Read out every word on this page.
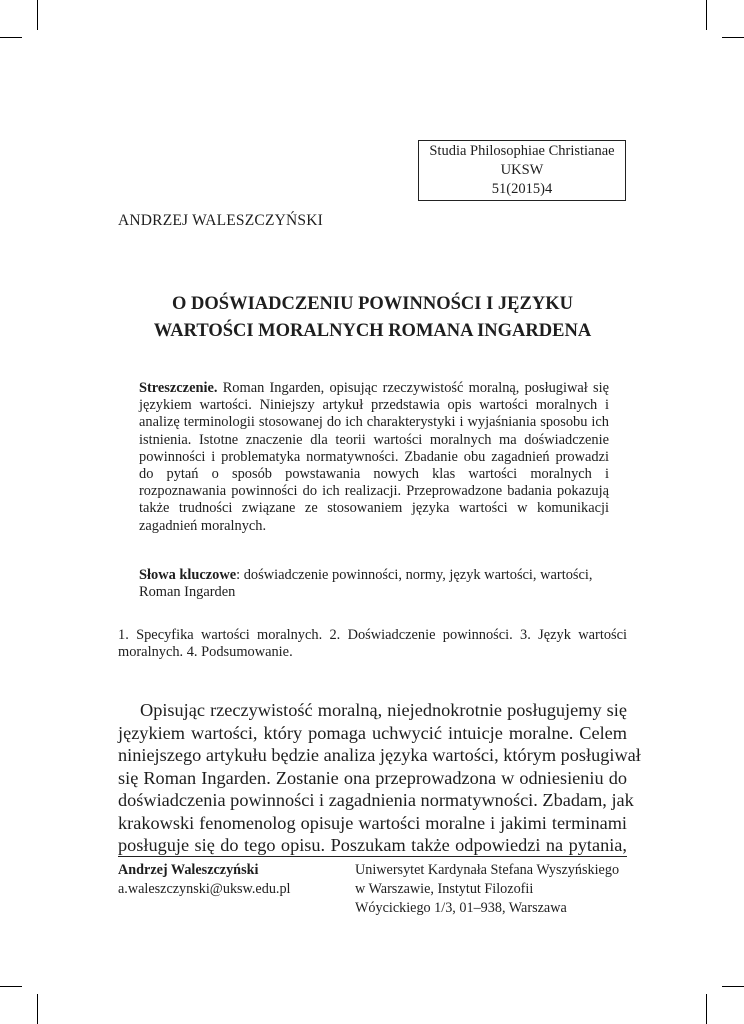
Studia Philosophiae Christianae
UKSW
51(2015)4
ANDRZEJ WALESZCZYŃSKI
O DOŚWIADCZENIU POWINNOŚCI I JĘZYKU
WARTOŚCI MORALNYCH ROMANA INGARDENA
Streszczenie. Roman Ingarden, opisując rzeczywistość moralną, posługiwał się językiem wartości. Niniejszy artykuł przedstawia opis wartości moralnych i analizę terminologii stosowanej do ich charakterystyki i wyjaśniania sposobu ich istnienia. Istotne znaczenie dla teorii wartości moralnych ma doświadczenie powinności i problematyka normatywności. Zbadanie obu zagadnień prowadzi do pytań o sposób powstawania nowych klas wartości moralnych i rozpoznawania powinności do ich realizacji. Przeprowadzone badania pokazują także trudności związane ze stosowaniem języka wartości w komunikacji zagadnień moralnych.
Słowa kluczowe: doświadczenie powinności, normy, język wartości, wartości, Roman Ingarden
1. Specyfika wartości moralnych. 2. Doświadczenie powinności. 3. Język wartości moralnych. 4. Podsumowanie.
Opisując rzeczywistość moralną, niejednokrotnie posługujemy się
językiem wartości, który pomaga uchwycić intuicje moralne. Celem
niniejszego artykułu będzie analiza języka wartości, którym posługiwał
się Roman Ingarden. Zostanie ona przeprowadzona w odniesieniu do
doświadczenia powinności i zagadnienia normatywności. Zbadam, jak
krakowski fenomenolog opisuje wartości moralne i jakimi terminami
posługuje się do tego opisu. Poszukam także odpowiedzi na pytania,
Andrzej Waleszczyński
a.waleszczynski@uksw.edu.pl
Uniwersytet Kardynała Stefana Wyszyńskiego
w Warszawie, Instytut Filozofii
Wóycickiego 1/3, 01–938, Warszawa
